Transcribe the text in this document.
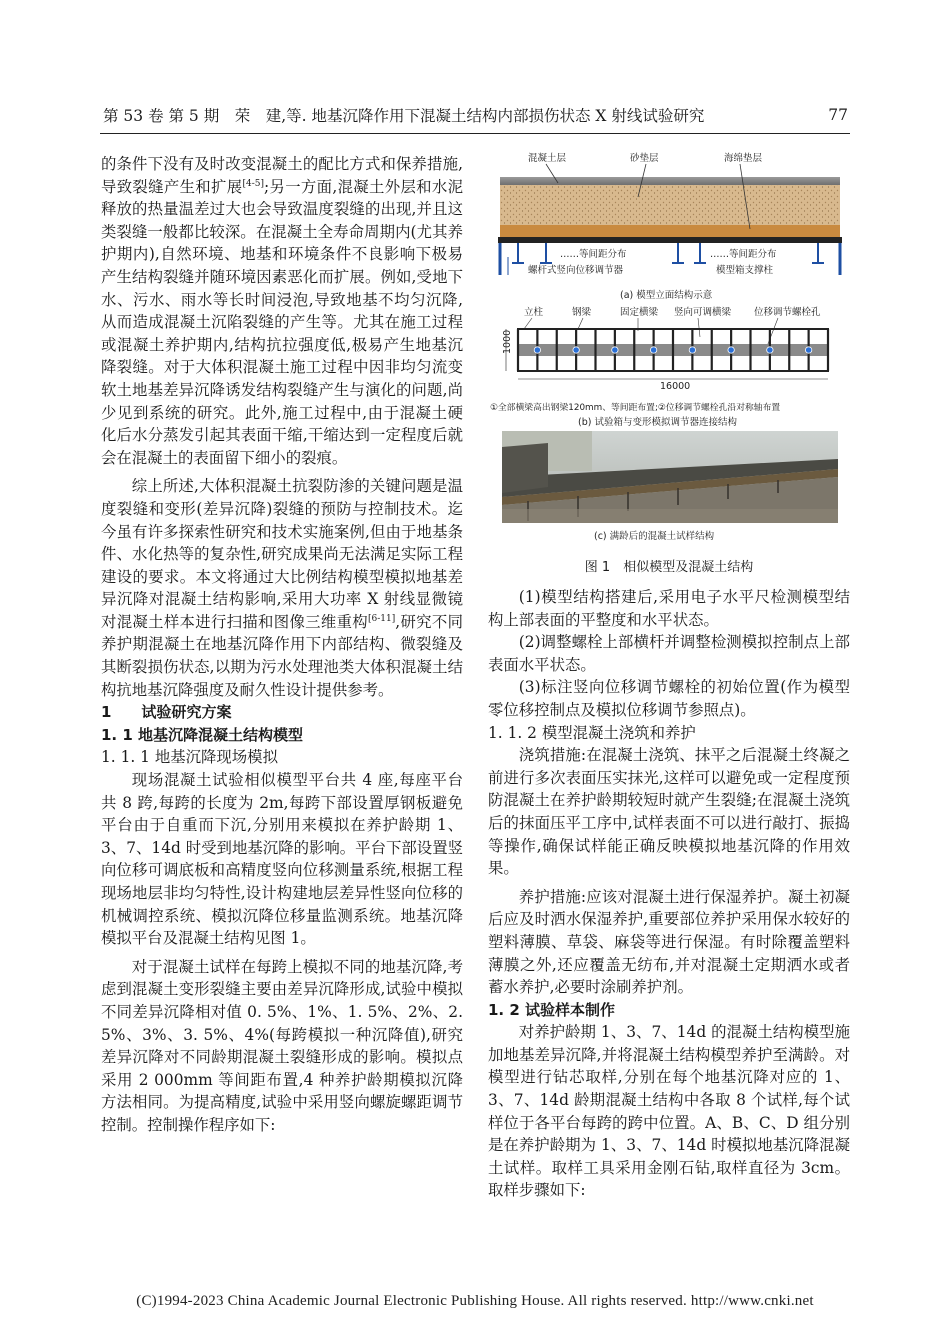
第 53 卷 第 5 期　荣　建,等. 地基沉降作用下混凝土结构内部损伤状态 X 射线试验研究	77

的条件下没有及时改变混凝土的配比方式和保养措施,导致裂缝产生和扩展[4-5];另一方面,混凝土外层和水泥释放的热量温差过大也会导致温度裂缝的出现,并且这类裂缝一般都比较深。在混凝土全寿命周期内(尤其养护期内),自然环境、地基和环境条件不良影响下极易产生结构裂缝并随环境因素恶化而扩展。例如,受地下水、污水、雨水等长时间浸泡,导致地基不均匀沉降,从而造成混凝土沉陷裂缝的产生等。尤其在施工过程或混凝土养护期内,结构抗拉强度低,极易产生地基沉降裂缝。对于大体积混凝土施工过程中因非均匀流变软土地基差异沉降诱发结构裂缝产生与演化的问题,尚少见到系统的研究。此外,施工过程中,由于混凝土硬化后水分蒸发引起其表面干缩,干缩达到一定程度后就会在混凝土的表面留下细小的裂痕。

综上所述,大体积混凝土抗裂防渗的关键问题是温度裂缝和变形(差异沉降)裂缝的预防与控制技术。迄今虽有许多探索性研究和技术实施案例,但由于地基条件、水化热等的复杂性,研究成果尚无法满足实际工程建设的要求。本文将通过大比例结构模型模拟地基差异沉降对混凝土结构影响,采用大功率 X 射线显微镜对混凝土样本进行扫描和图像三维重构[6-11],研究不同养护期混凝土在地基沉降作用下内部结构、微裂缝及其断裂损伤状态,以期为污水处理池类大体积混凝土结构抗地基沉降强度及耐久性设计提供参考。

1　　试验研究方案

1. 1 地基沉降混凝土结构模型

1. 1. 1 地基沉降现场模拟

现场混凝土试验相似模型平台共 4 座,每座平台共 8 跨,每跨的长度为 2m,每跨下部设置厚钢板避免平台由于自重而下沉,分别用来模拟在养护龄期 1、3、7、14d 时受到地基沉降的影响。平台下部设置竖向位移可调底板和高精度竖向位移测量系统,根据工程现场地层非均匀特性,设计构建地层差异性竖向位移的机械调控系统、模拟沉降位移量监测系统。地基沉降模拟平台及混凝土结构见图 1。

对于混凝土试样在每跨上模拟不同的地基沉降,考虑到混凝土变形裂缝主要由差异沉降形成,试验中模拟不同差异沉降相对值 0. 5%、1%、1. 5%、2%、2. 5%、3%、3. 5%、4%(每跨模拟一种沉降值),研究差异沉降对不同龄期混凝土裂缝形成的影响。模拟点采用 2 000mm 等间距布置,4 种养护龄期模拟沉降方法相同。为提高精度,试验中采用竖向螺旋螺距调节控制。控制操作程序如下:

混凝土层	砂垫层	海绵垫层
……等间距分布	……等间距分布
螺杆式竖向位移调节器	模型箱支撑柱
(a) 模型立面结构示意
立柱	钢梁	固定横梁 竖向可调横梁 位移调节螺栓孔
1000
16000
①全部横梁高出钢梁120mm、等间距布置;②位移调节螺栓孔沿对称轴布置
(b) 试验箱与变形模拟调节器连接结构
(c) 满龄后的混凝土试样结构
图 1　相似模型及混凝土结构

(1)模型结构搭建后,采用电子水平尺检测模型结构上部表面的平整度和水平状态。

(2)调整螺栓上部横杆并调整检测模拟控制点上部表面水平状态。

(3)标注竖向位移调节螺栓的初始位置(作为模型零位移控制点及模拟位移调节参照点)。

1. 1. 2 模型混凝土浇筑和养护

浇筑措施:在混凝土浇筑、抹平之后混凝土终凝之前进行多次表面压实抹光,这样可以避免或一定程度预防混凝土在养护龄期较短时就产生裂缝;在混凝土浇筑后的抹面压平工序中,试样表面不可以进行敲打、振捣等操作,确保试样能正确反映模拟地基沉降的作用效果。

养护措施:应该对混凝土进行保湿养护。凝土初凝后应及时洒水保湿养护,重要部位养护采用保水较好的塑料薄膜、草袋、麻袋等进行保湿。有时除覆盖塑料薄膜之外,还应覆盖无纺布,并对混凝土定期洒水或者蓄水养护,必要时涂刷养护剂。

1. 2 试验样本制作

对养护龄期 1、3、7、14d 的混凝土结构模型施加地基差异沉降,并将混凝土结构模型养护至满龄。对模型进行钻芯取样,分别在每个地基沉降对应的 1、3、7、14d 龄期混凝土结构中各取 8 个试样,每个试样位于各平台每跨的跨中位置。A、B、C、D 组分别是在养护龄期为 1、3、7、14d 时模拟地基沉降混凝土试样。取样工具采用金刚石钻,取样直径为 3cm。取样步骤如下:

(C)1994-2023 China Academic Journal Electronic Publishing House. All rights reserved. http://www.cnki.net
